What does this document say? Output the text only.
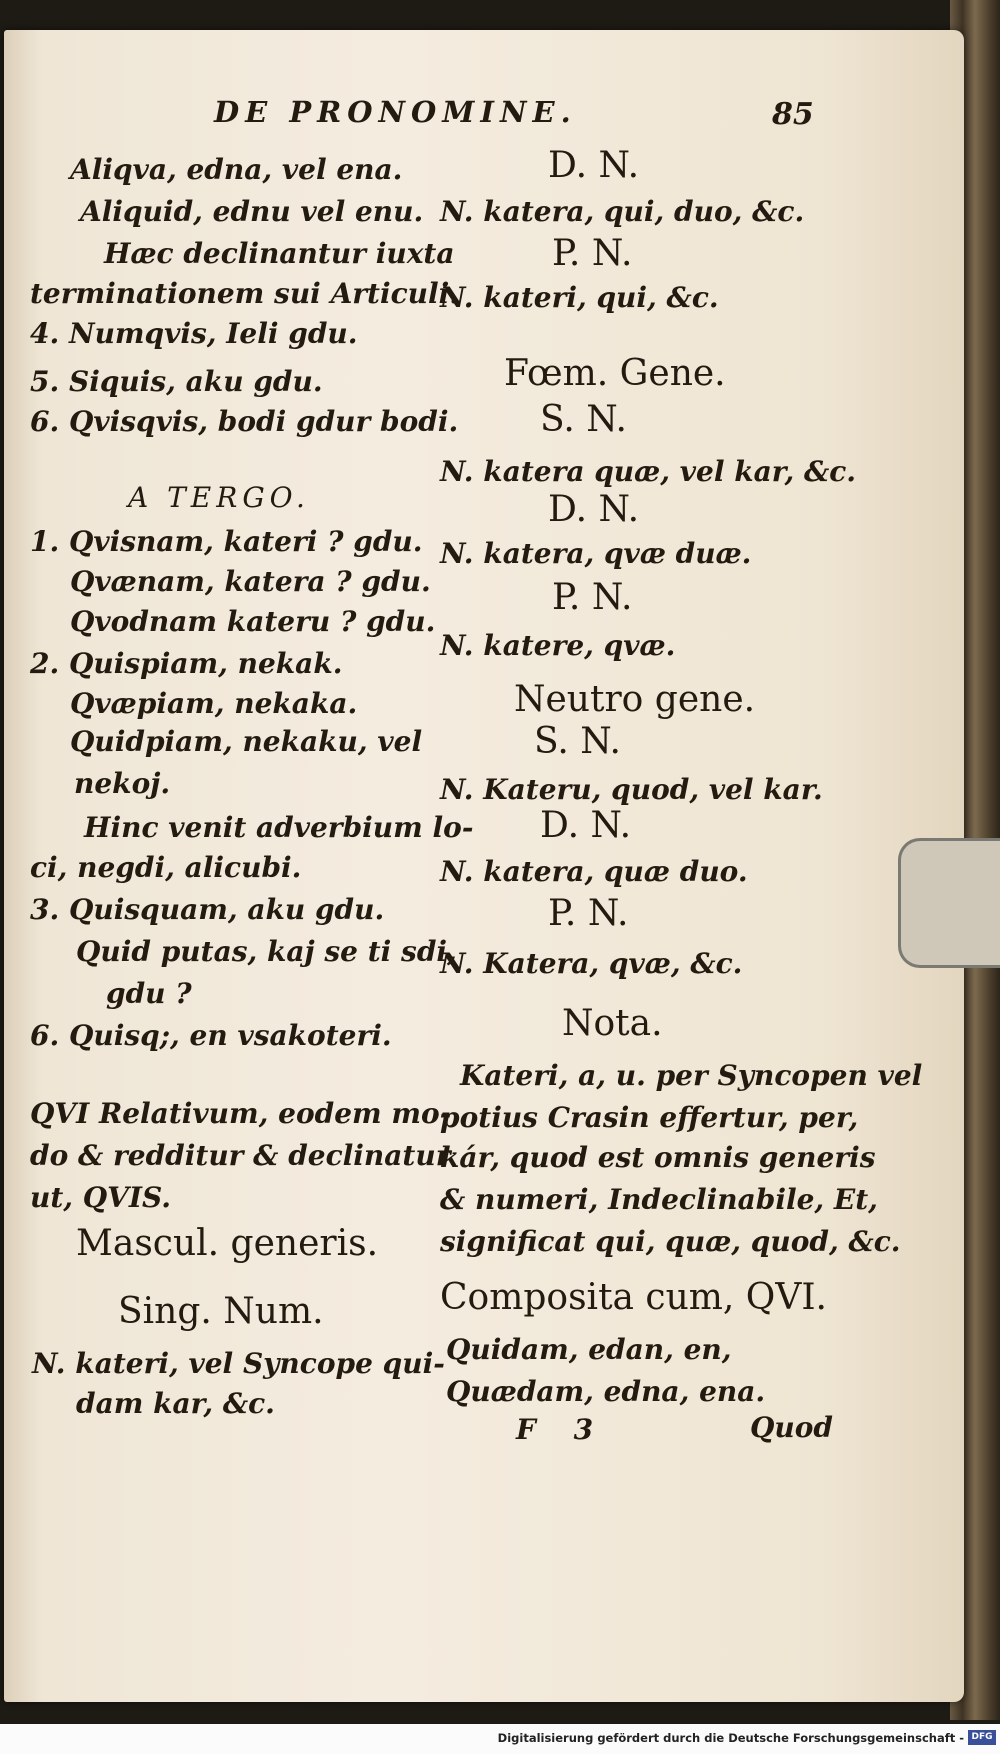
DE PRONOMINE.	85
Aliqva, edna, vel ena.
Aliquid, ednu vel enu.
Hæc declinantur iuxta
terminationem sui Articuli.
4. Numqvis, Ieli gdu.
5. Siquis, aku gdu.
6. Qvisqvis, bodi gdur bodi.
A TERGO.
1. Qvisnam, kateri ? gdu.
Qvænam, katera ? gdu.
Qvodnam kateru ? gdu.
2. Quispiam, nekak.
Qvæpiam, nekaka.
Quidpiam, nekaku, vel
nekoj.
Hinc venit adverbium lo-
ci, negdi, alicubi.
3. Quisquam, aku gdu.
Quid putas, kaj se ti sdi,
gdu ?
6. Quisq;, en vsakoteri.
QVI Relativum, eodem mo-
do & redditur & declinatur
ut, QVIS.
Mascul. generis.
Sing. Num.
N. kateri, vel Syncope qui-
dam kar, &c.
D. N.
N. katera, qui, duo, &c.
P. N.
N. kateri, qui, &c.
Fœm. Gene.
S. N.
N. katera quæ, vel kar, &c.
D. N.
N. katera, qvæ duæ.
P. N.
N. katere, qvæ.
Neutro gene.
S. N.
N. Kateru, quod, vel kar.
D. N.
N. katera, quæ duo.
P. N.
N. Katera, qvæ, &c.
Nota.
Kateri, a, u. per Syncopen vel
potius Crasin effertur, per,
kár, quod est omnis generis
& numeri, Indeclinabile, Et,
significat qui, quæ, quod, &c.
Composita cum, QVI.
Quidam, edan, en,
Quædam, edna, ena.
F 3	Quod
Digitalisierung gefördert durch die Deutsche Forschungsgemeinschaft - DFG
